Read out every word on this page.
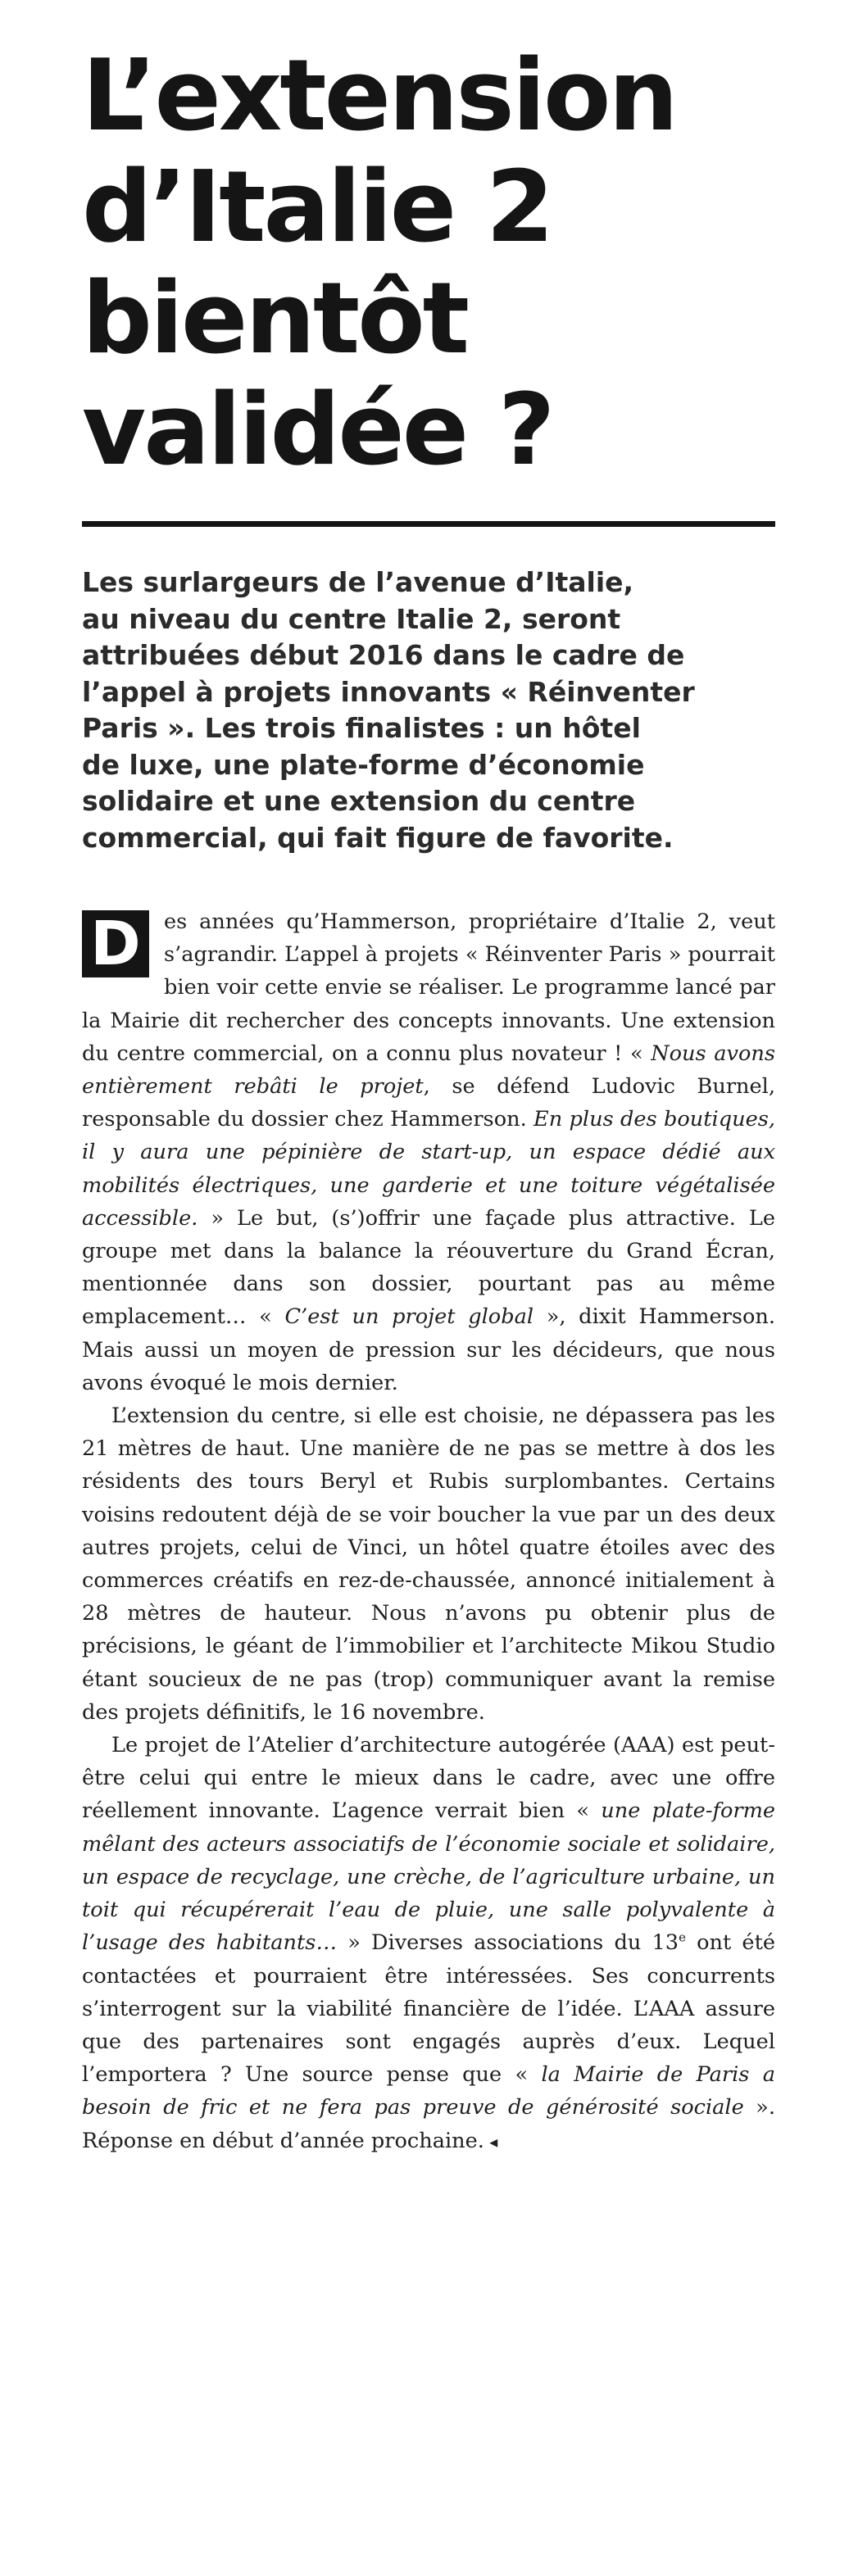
L’extension
d’Italie 2
bientôt
validée ?
Les surlargeurs de l’avenue d’Italie,
au niveau du centre Italie 2, seront
attribuées début 2016 dans le cadre de
l’appel à projets innovants « Réinventer
Paris ». Les trois finalistes : un hôtel
de luxe, une plate-forme d’économie
solidaire et une extension du centre
commercial, qui fait figure de favorite.

D	es années qu’Hammerson, propriétaire d’Italie 2, veut s’agrandir. L’appel à projets « Réinventer Paris » pourrait bien voir cette envie se réaliser. Le programme lancé par la Mairie dit rechercher des concepts innovants. Une extension du centre commercial, on a connu plus novateur ! « Nous avons entièrement rebâti le projet, se défend Ludovic Burnel, responsable du dossier chez Hammerson. En plus des boutiques, il y aura une pépinière de start-up, un espace dédié aux mobilités électriques, une garderie et une toiture végétalisée accessible. » Le but, (s’)offrir une façade plus attractive. Le groupe met dans la balance la réouverture du Grand Écran, mentionnée dans son dossier, pourtant pas au même emplacement… « C’est un projet global », dixit Hammerson. Mais aussi un moyen de pression sur les décideurs, que nous avons évoqué le mois dernier.

L’extension du centre, si elle est choisie, ne dépassera pas les 21 mètres de haut. Une manière de ne pas se mettre à dos les résidents des tours Beryl et Rubis surplombantes. Certains voisins redoutent déjà de se voir boucher la vue par un des deux autres projets, celui de Vinci, un hôtel quatre étoiles avec des commerces créatifs en rez-de-chaussée, annoncé initialement à 28 mètres de hauteur. Nous n’avons pu obtenir plus de précisions, le géant de l’immobilier et l’architecte Mikou Studio étant soucieux de ne pas (trop) communiquer avant la remise des projets définitifs, le 16 novembre.

Le projet de l’Atelier d’architecture autogérée (AAA) est peut-être celui qui entre le mieux dans le cadre, avec une offre réellement innovante. L’agence verrait bien « une plate-forme mêlant des acteurs associatifs de l’économie sociale et solidaire, un espace de recyclage, une crèche, de l’agriculture urbaine, un toit qui récupérerait l’eau de pluie, une salle polyvalente à l’usage des habitants… » Diverses associations du 13e ont été contactées et pourraient être intéressées. Ses concurrents s’interrogent sur la viabilité financière de l’idée. L’AAA assure que des partenaires sont engagés auprès d’eux. Lequel l’emportera ? Une source pense que « la Mairie de Paris a besoin de fric et ne fera pas preuve de générosité sociale ». Réponse en début d’année prochaine. ◂
